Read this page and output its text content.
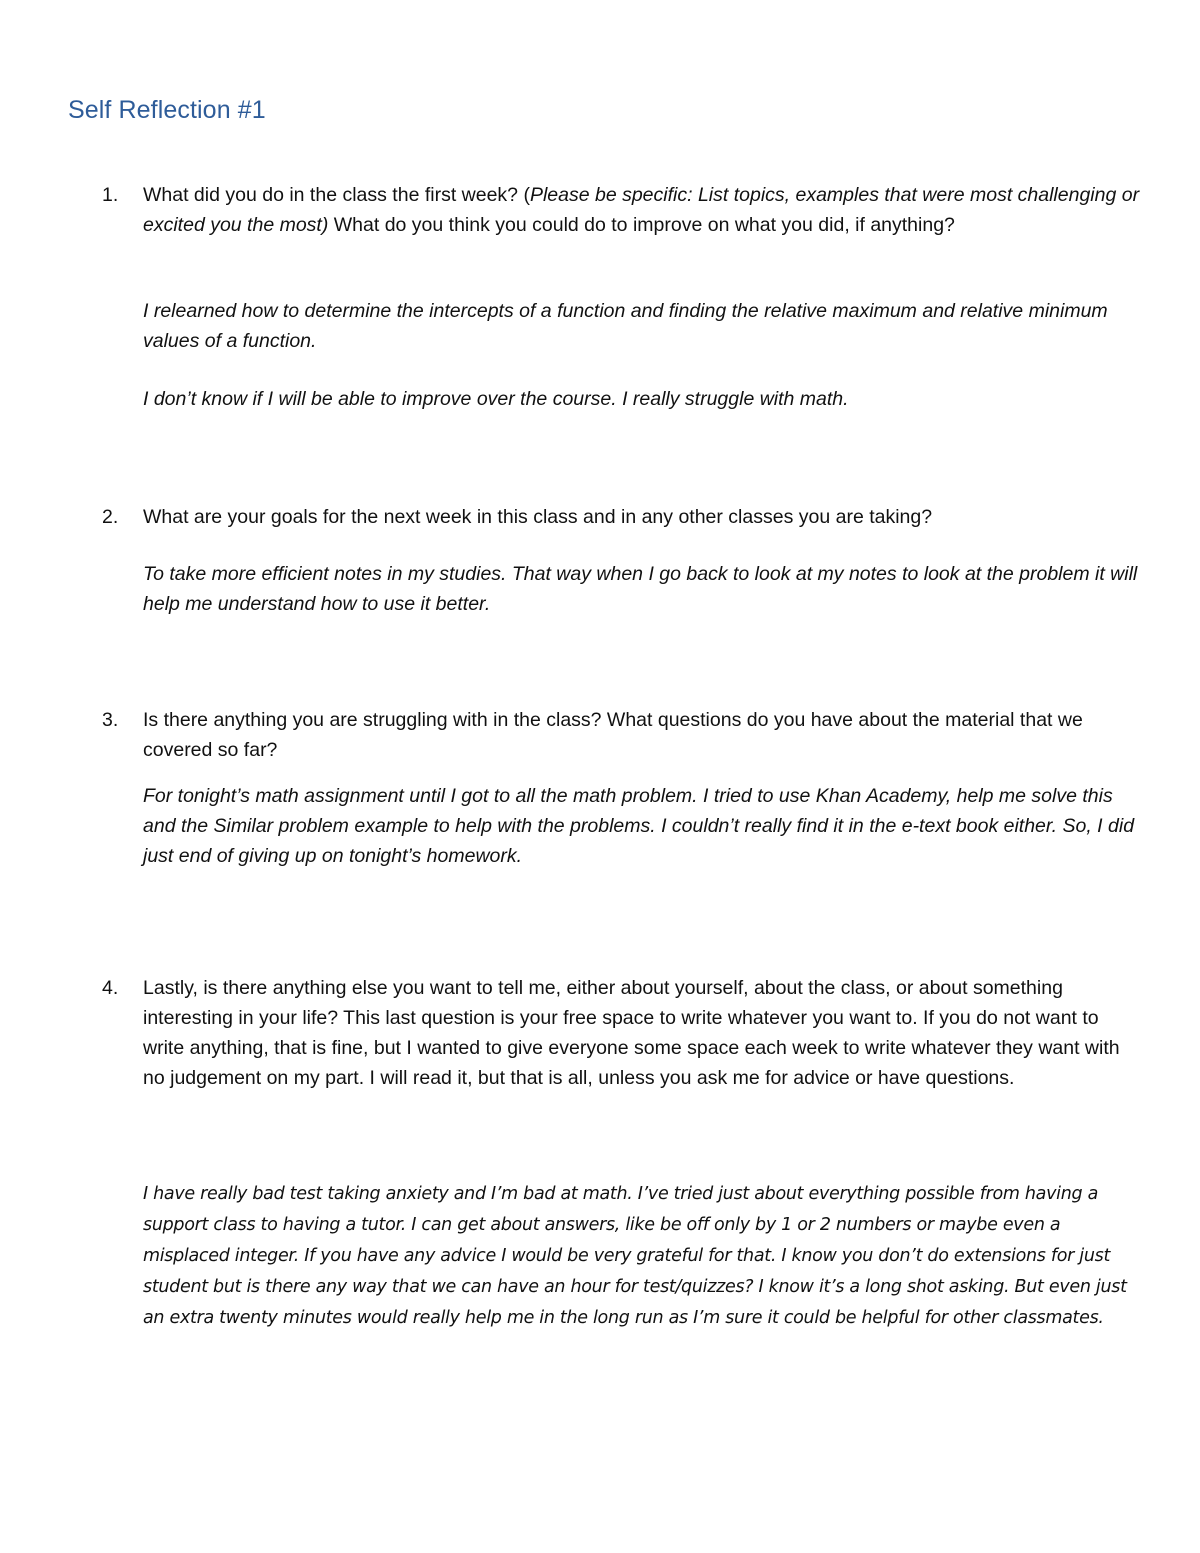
Self Reflection #1
1.	What did you do in the class the first week? (Please be specific: List topics, examples that were most challenging or excited you the most) What do you think you could do to improve on what you did, if anything?

I relearned how to determine the intercepts of a function and finding the relative maximum and relative minimum values of a function.

I don’t know if I will be able to improve over the course. I really struggle with math.

2.	What are your goals for the next week in this class and in any other classes you are taking?

To take more efficient notes in my studies. That way when I go back to look at my notes to look at the problem it will help me understand how to use it better.

3.	Is there anything you are struggling with in the class? What questions do you have about the material that we covered so far?

For tonight’s math assignment until I got to all the math problem. I tried to use Khan Academy, help me solve this and the Similar problem example to help with the problems. I couldn’t really find it in the e-text book either. So, I did just end of giving up on tonight’s homework.

4.	Lastly, is there anything else you want to tell me, either about yourself, about the class, or about something interesting in your life? This last question is your free space to write whatever you want to. If you do not want to write anything, that is fine, but I wanted to give everyone some space each week to write whatever they want with no judgement on my part. I will read it, but that is all, unless you ask me for advice or have questions.

I have really bad test taking anxiety and I’m bad at math. I’ve tried just about everything possible from having a support class to having a tutor. I can get about answers, like be off only by 1 or 2 numbers or maybe even a misplaced integer. If you have any advice I would be very grateful for that. I know you don’t do extensions for just student but is there any way that we can have an hour for test/quizzes? I know it’s a long shot asking. But even just an extra twenty minutes would really help me in the long run as I’m sure it could be helpful for other classmates.
